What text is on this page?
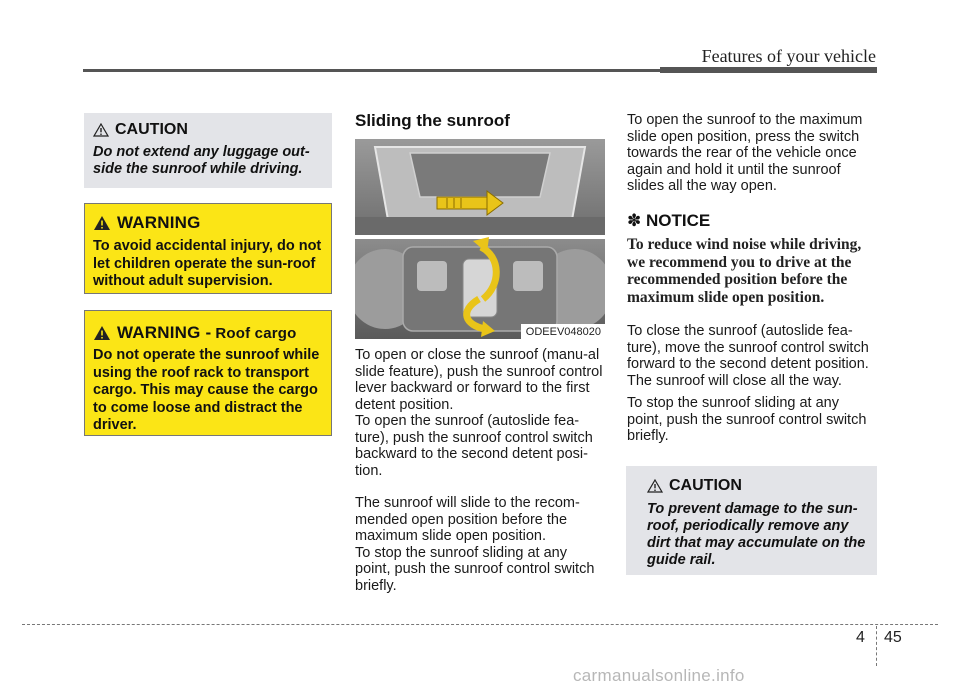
Features of your vehicle
CAUTION
Do not extend any luggage out-side the sunroof while driving.
WARNING
To avoid accidental injury, do not let children operate the sun-roof without adult supervision.
WARNING - Roof cargo
Do not operate the sunroof while using the roof rack to transport cargo. This may cause the cargo to come loose and distract the driver.
Sliding the sunroof
ODEEV048020

To open or close the sunroof (manu-al slide feature), push the sunroof control lever backward or forward to the first detent position.

To open the sunroof (autoslide fea-ture), push the sunroof control switch backward to the second detent posi-tion.

The sunroof will slide to the recom-mended open position before the maximum slide open position.

To stop the sunroof sliding at any point, push the sunroof control switch briefly.

To open the sunroof to the maximum slide open position, press the switch towards the rear of the vehicle once again and hold it until the sunroof slides all the way open.

✽ NOTICE
To reduce wind noise while driving, we recommend you to drive at the recommended position before the maximum slide open position.

To close the sunroof (autoslide fea-ture), move the sunroof control switch forward to the second detent position. The sunroof will close all the way.

To stop the sunroof sliding at any point, push the sunroof control switch briefly.

CAUTION
To prevent damage to the sun-roof, periodically remove any dirt that may accumulate on the guide rail.
4 45
carmanualsonline.info
